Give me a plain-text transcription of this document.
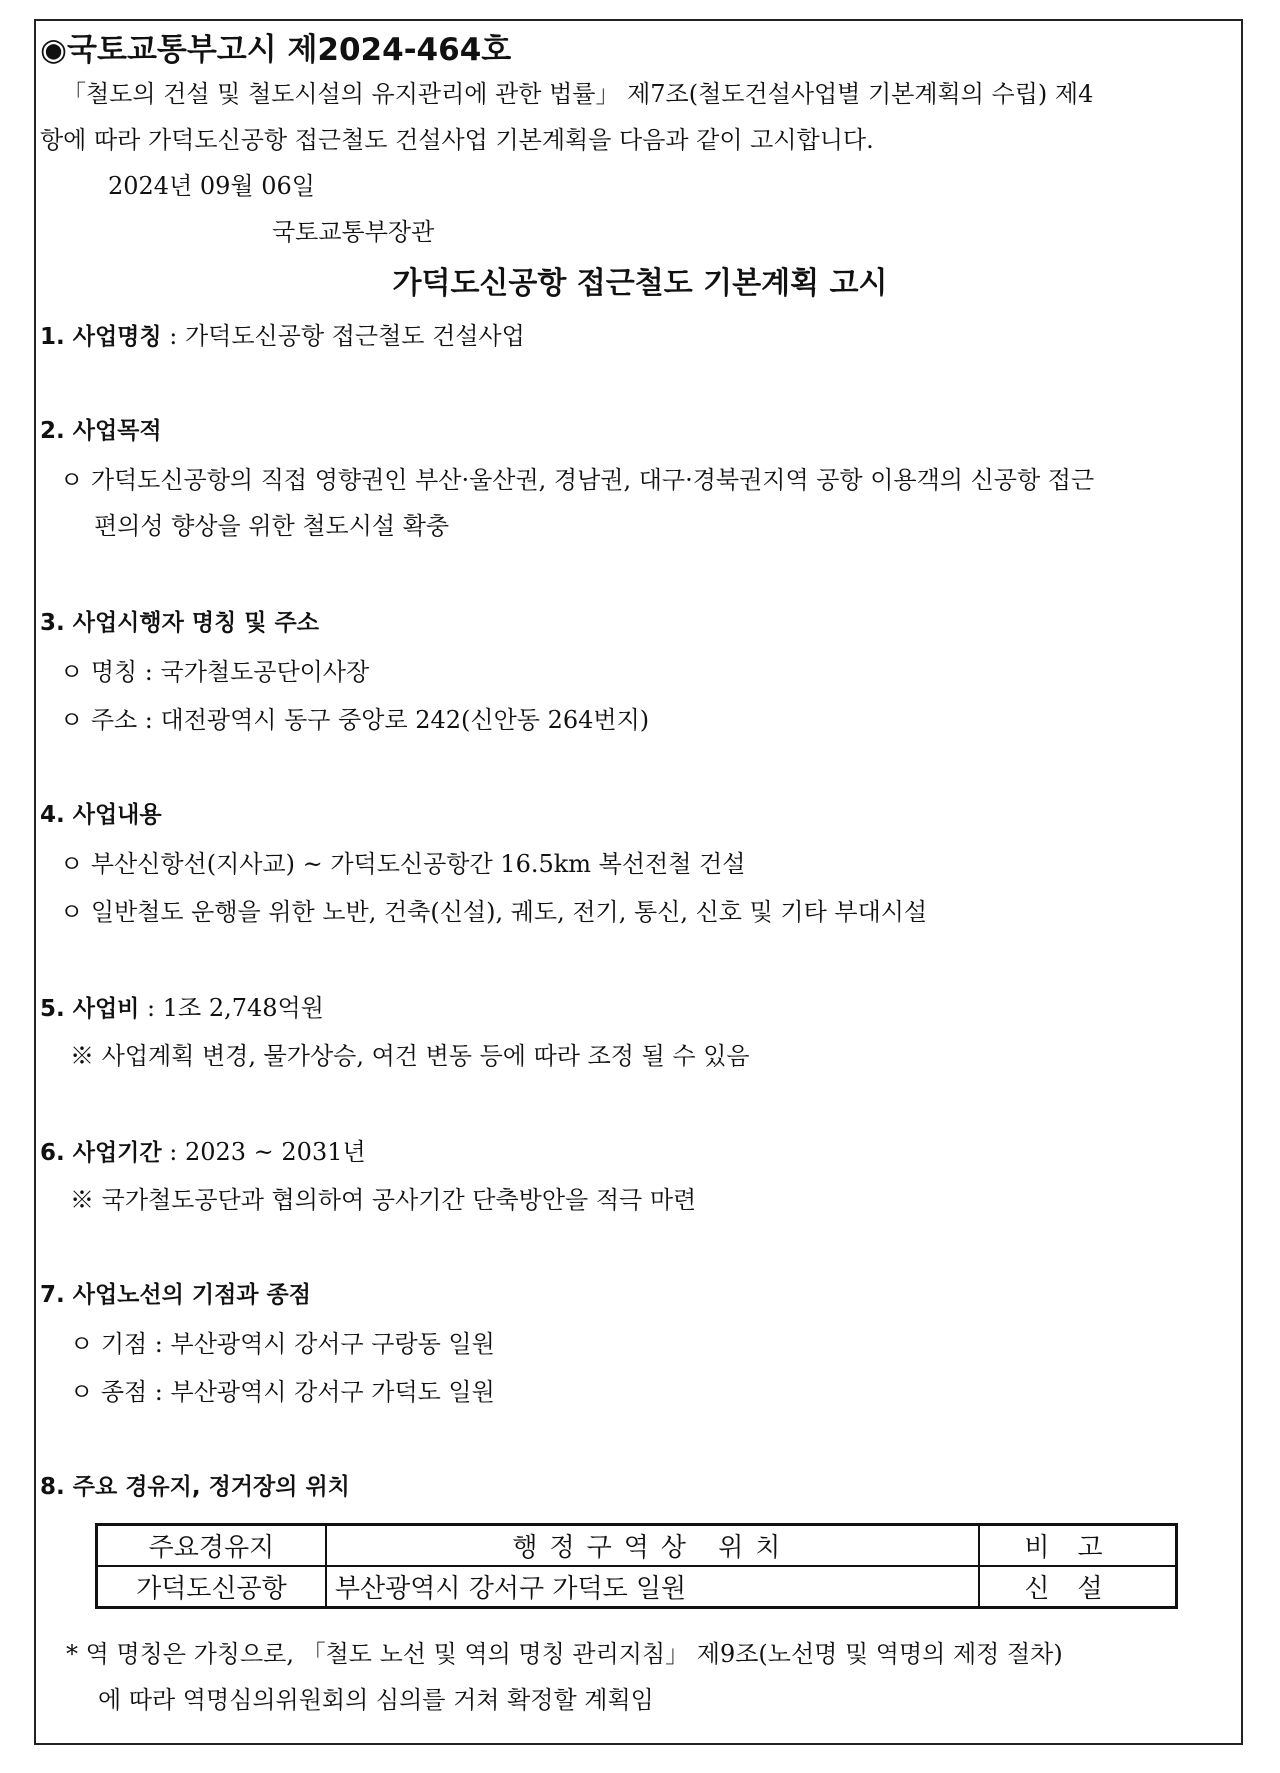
◉국토교통부고시 제2024-464호
「철도의 건설 및 철도시설의 유지관리에 관한 법률」 제7조(철도건설사업별 기본계획의 수립) 제4
항에 따라 가덕도신공항 접근철도 건설사업 기본계획을 다음과 같이 고시합니다.
2024년 09월 06일
국토교통부장관
가덕도신공항 접근철도 기본계획 고시
1. 사업명칭 : 가덕도신공항 접근철도 건설사업
2. 사업목적
ㅇ 가덕도신공항의 직접 영향권인 부산·울산권, 경남권, 대구·경북권지역 공항 이용객의 신공항 접근
편의성 향상을 위한 철도시설 확충
3. 사업시행자 명칭 및 주소
ㅇ 명칭 : 국가철도공단이사장
ㅇ 주소 : 대전광역시 동구 중앙로 242(신안동 264번지)
4. 사업내용
ㅇ 부산신항선(지사교) ~ 가덕도신공항간 16.5km 복선전철 건설
ㅇ 일반철도 운행을 위한 노반, 건축(신설), 궤도, 전기, 통신, 신호 및 기타 부대시설
5. 사업비 : 1조 2,748억원
※ 사업계획 변경, 물가상승, 여건 변동 등에 따라 조정 될 수 있음
6. 사업기간 : 2023 ~ 2031년
※ 국가철도공단과 협의하여 공사기간 단축방안을 적극 마련
7. 사업노선의 기점과 종점
ㅇ 기점 : 부산광역시 강서구 구랑동 일원
ㅇ 종점 : 부산광역시 강서구 가덕도 일원
8. 주요 경유지, 정거장의 위치
주요경유지	행정구역상 위치	비고
가덕도신공항	부산광역시 강서구 가덕도 일원	신설
* 역 명칭은 가칭으로, 「철도 노선 및 역의 명칭 관리지침」 제9조(노선명 및 역명의 제정 절차)
에 따라 역명심의위원회의 심의를 거쳐 확정할 계획임
